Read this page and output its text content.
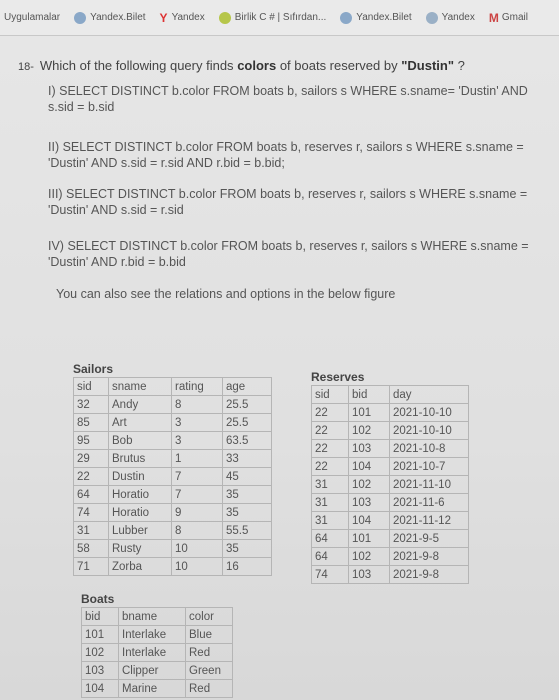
Uygulamalar	Yandex.Bilet Y Yandex	Birlik C # | Sıfırdan...	Yandex.Bilet	Yandex M Gmail
18- Which of the following query finds colors of boats reserved by "Dustin" ?
I) SELECT DISTINCT b.color FROM boats b, sailors s WHERE s.sname= 'Dustin' AND s.sid = b.sid
II) SELECT DISTINCT b.color FROM boats b, reserves r, sailors s WHERE s.sname = 'Dustin' AND s.sid = r.sid AND r.bid = b.bid;
III) SELECT DISTINCT b.color FROM boats b, reserves r, sailors s WHERE s.sname = 'Dustin' AND s.sid = r.sid
IV) SELECT DISTINCT b.color FROM boats b, reserves r, sailors s WHERE s.sname = 'Dustin' AND r.bid = b.bid
You can also see the relations and options in the below figure
Sailors
sid	sname	rating	age
32	Andy	8	25.5
85	Art	3	25.5
95	Bob	3	63.5
29	Brutus	1	33
22	Dustin	7	45
64	Horatio	7	35
74	Horatio	9	35
31	Lubber	8	55.5
58	Rusty	10	35
71	Zorba	10	16
Reserves
sid	bid	day
22	101	2021-10-10
22	102	2021-10-10
22	103	2021-10-8
22	104	2021-10-7
31	102	2021-11-10
31	103	2021-11-6
31	104	2021-11-12
64	101	2021-9-5
64	102	2021-9-8
74	103	2021-9-8
Boats
bid	bname	color
101	Interlake	Blue
102	Interlake	Red
103	Clipper	Green
104	Marine	Red
